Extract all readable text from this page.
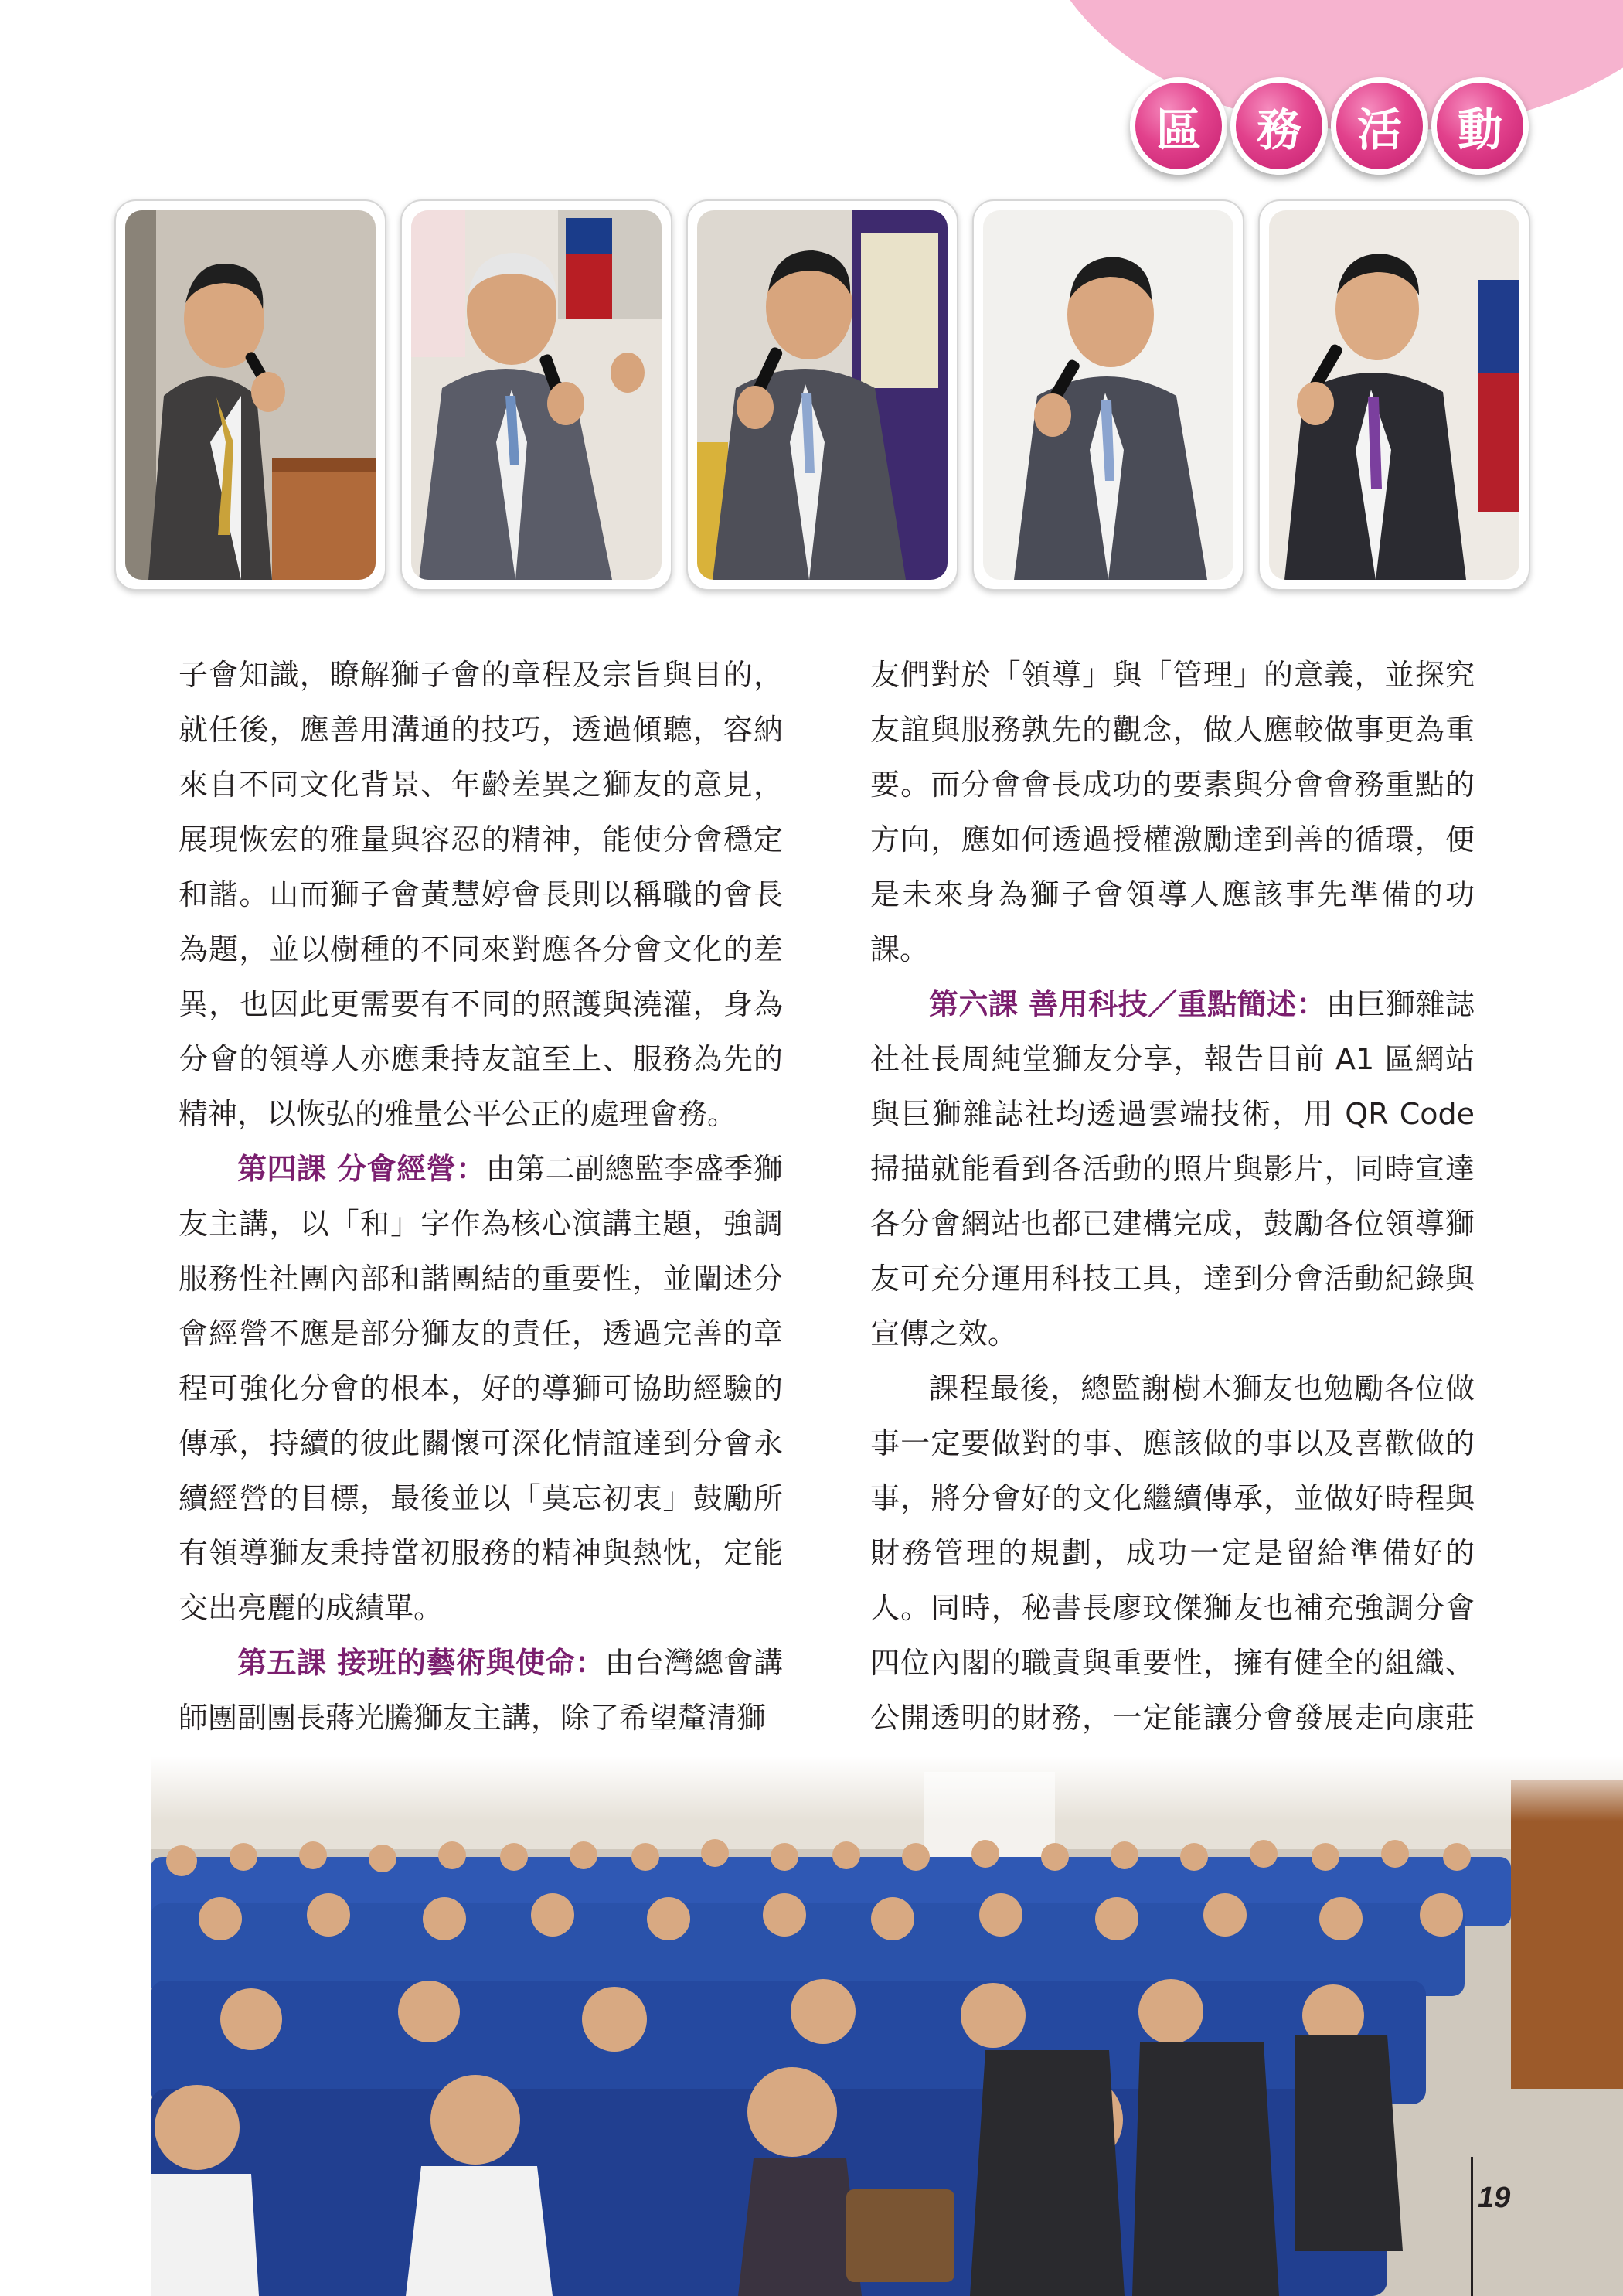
區	務	活	動

子會知識，瞭解獅子會的章程及宗旨與目的，就任後，應善用溝通的技巧，透過傾聽，容納來自不同文化背景、年齡差異之獅友的意見，展現恢宏的雅量與容忍的精神，能使分會穩定和諧。山而獅子會黃慧婷會長則以稱職的會長為題，並以樹種的不同來對應各分會文化的差異，也因此更需要有不同的照護與澆灌，身為分會的領導人亦應秉持友誼至上、服務為先的精神，以恢弘的雅量公平公正的處理會務。

第四課 分會經營：由第二副總監李盛季獅友主講，以「和」字作為核心演講主題，強調服務性社團內部和諧團結的重要性，並闡述分會經營不應是部分獅友的責任，透過完善的章程可強化分會的根本，好的導獅可協助經驗的傳承，持續的彼此關懷可深化情誼達到分會永續經營的目標，最後並以「莫忘初衷」鼓勵所有領導獅友秉持當初服務的精神與熱忱，定能交出亮麗的成績單。

第五課 接班的藝術與使命：由台灣總會講師團副團長蔣光騰獅友主講，除了希望釐清獅

友們對於「領導」與「管理」的意義，並探究友誼與服務孰先的觀念，做人應較做事更為重要。而分會會長成功的要素與分會會務重點的方向，應如何透過授權激勵達到善的循環，便是未來身為獅子會領導人應該事先準備的功課。

第六課 善用科技／重點簡述：由巨獅雜誌社社長周純堂獅友分享，報告目前 A1 區網站與巨獅雜誌社均透過雲端技術，用 QR Code 掃描就能看到各活動的照片與影片，同時宣達各分會網站也都已建構完成，鼓勵各位領導獅友可充分運用科技工具，達到分會活動紀錄與宣傳之效。

課程最後，總監謝樹木獅友也勉勵各位做事一定要做對的事、應該做的事以及喜歡做的事，將分會好的文化繼續傳承，並做好時程與財務管理的規劃，成功一定是留給準備好的人。同時，秘書長廖玟傑獅友也補充強調分會四位內閣的職責與重要性，擁有健全的組織、公開透明的財務，一定能讓分會發展走向康莊

19
